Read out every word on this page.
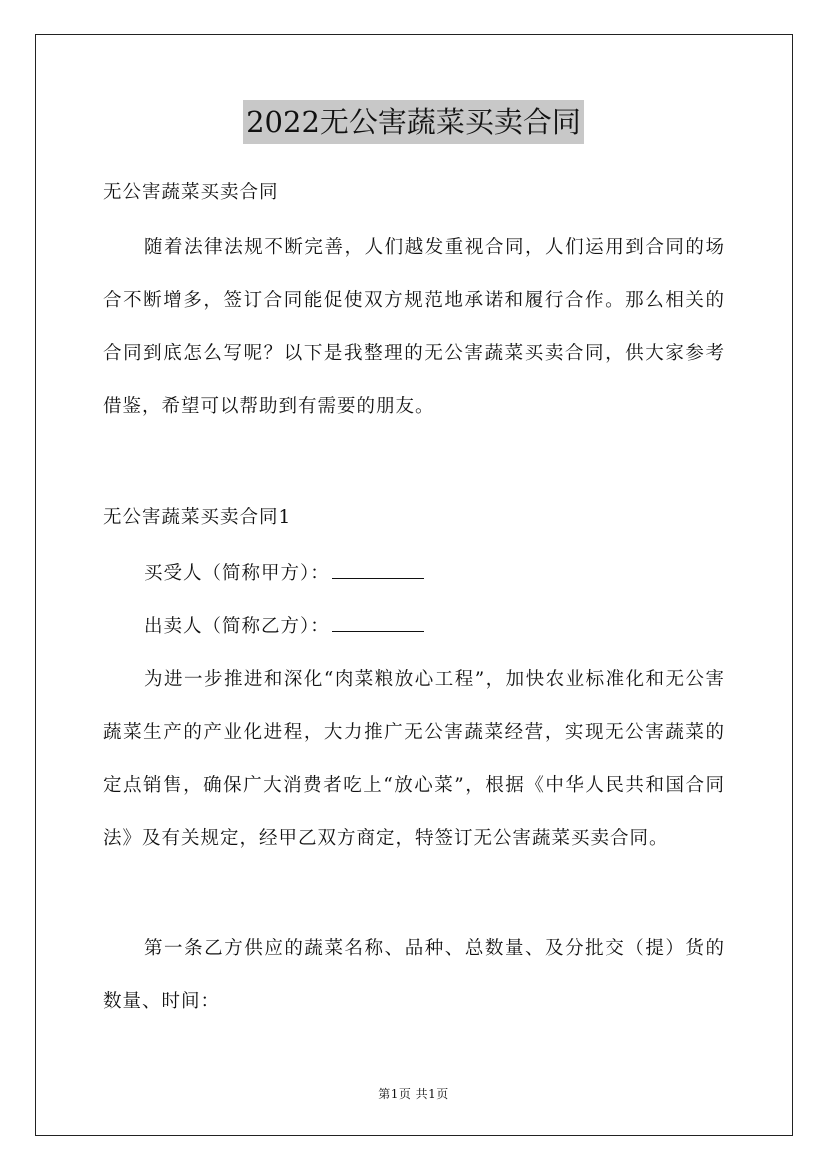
2022无公害蔬菜买卖合同

无公害蔬菜买卖合同

随着法律法规不断完善，人们越发重视合同，人们运用到合同的场合不断增多，签订合同能促使双方规范地承诺和履行合作。那么相关的合同到底怎么写呢？以下是我整理的无公害蔬菜买卖合同，供大家参考借鉴，希望可以帮助到有需要的朋友。

无公害蔬菜买卖合同1

买受人（简称甲方）：
出卖人（简称乙方）：

为进一步推进和深化“肉菜粮放心工程”，加快农业标准化和无公害蔬菜生产的产业化进程，大力推广无公害蔬菜经营，实现无公害蔬菜的定点销售，确保广大消费者吃上“放心菜”，根据《中华人民共和国合同法》及有关规定，经甲乙双方商定，特签订无公害蔬菜买卖合同。

第一条乙方供应的蔬菜名称、品种、总数量、及分批交（提）货的数量、时间：

第1页 共1页
